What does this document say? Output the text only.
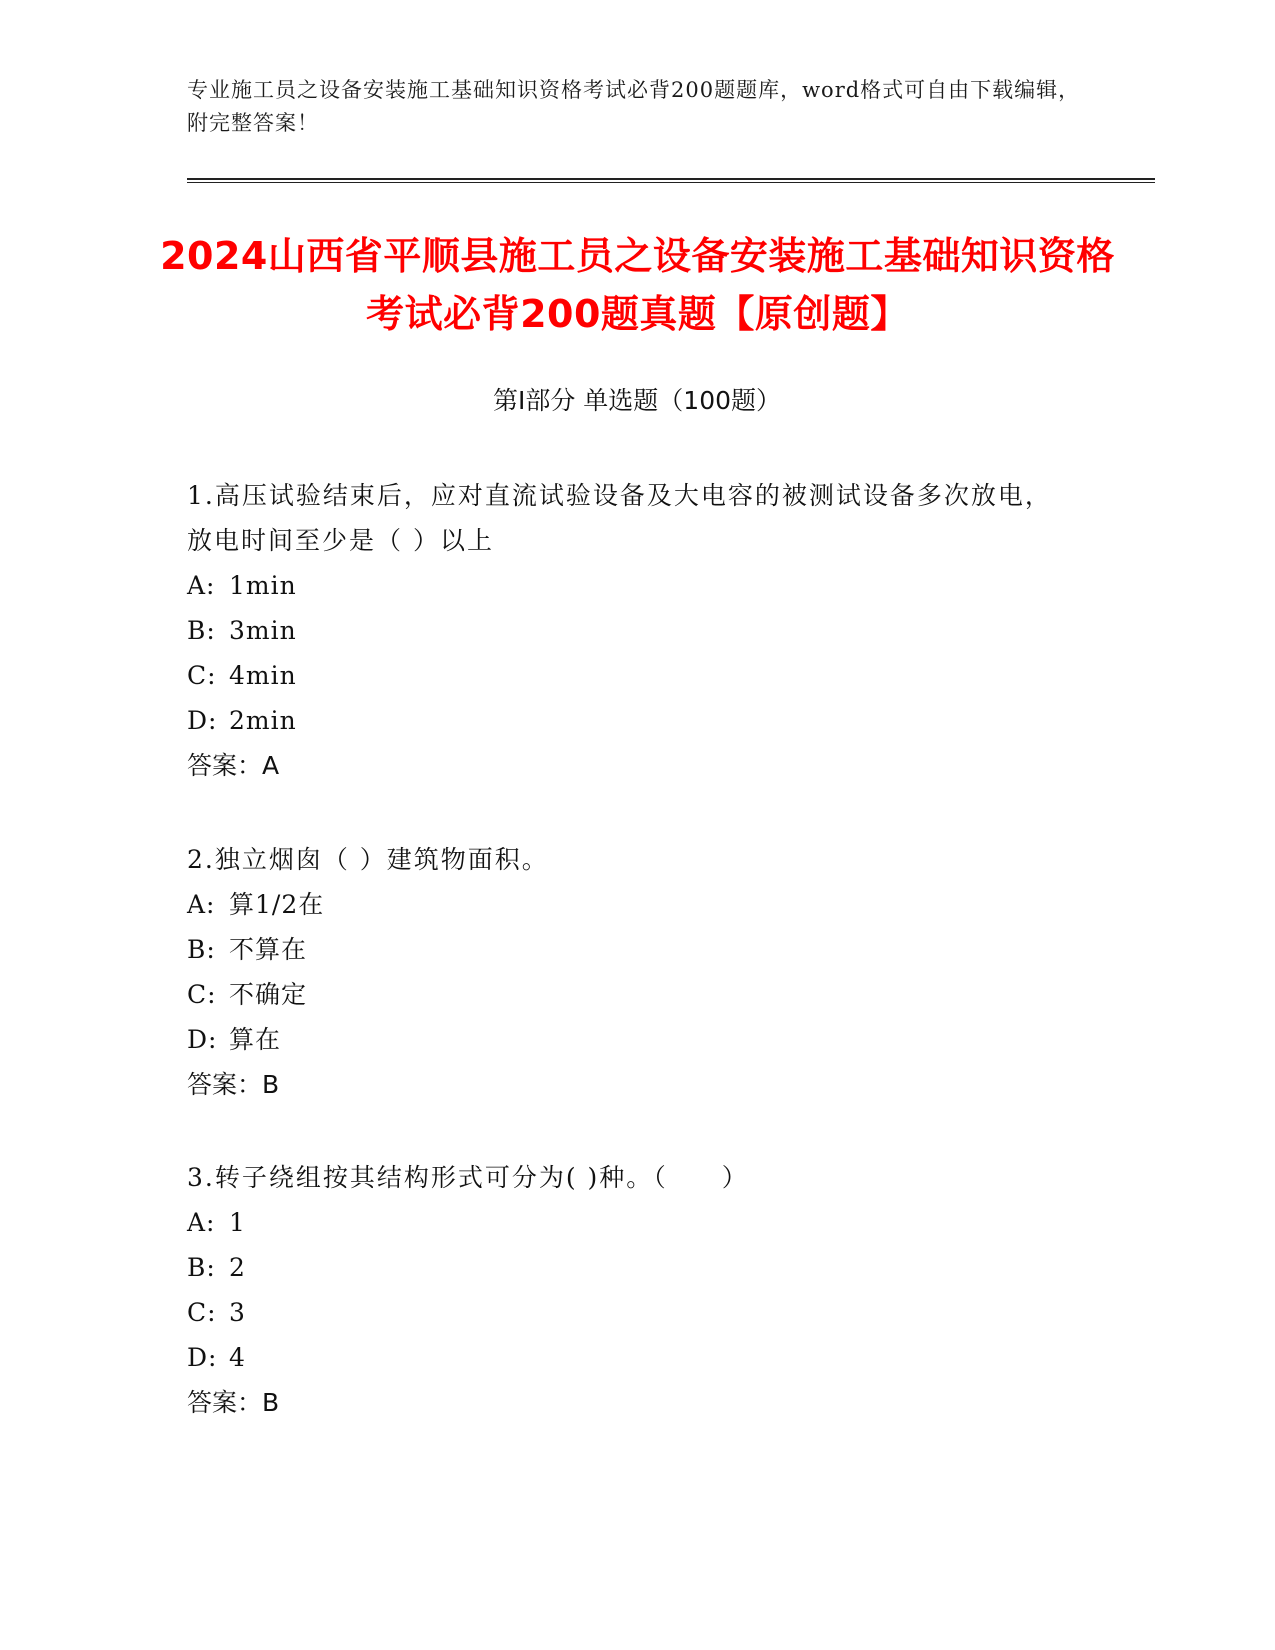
专业施工员之设备安装施工基础知识资格考试必背200题题库，word格式可自由下载编辑，附完整答案！
2024山西省平顺县施工员之设备安装施工基础知识资格考试必背200题真题【原创题】
第Ⅰ部分 单选题（100题）

1.高压试验结束后，应对直流试验设备及大电容的被测试设备多次放电，放电时间至少是（ ）以上

A: 1min

B: 3min

C: 4min

D: 2min

答案：A

2.独立烟囱（ ）建筑物面积。

A: 算1/2在

B: 不算在

C: 不确定

D: 算在

答案：B

3.转子绕组按其结构形式可分为( )种。（　　）

A: 1

B: 2

C: 3

D: 4

答案：B
